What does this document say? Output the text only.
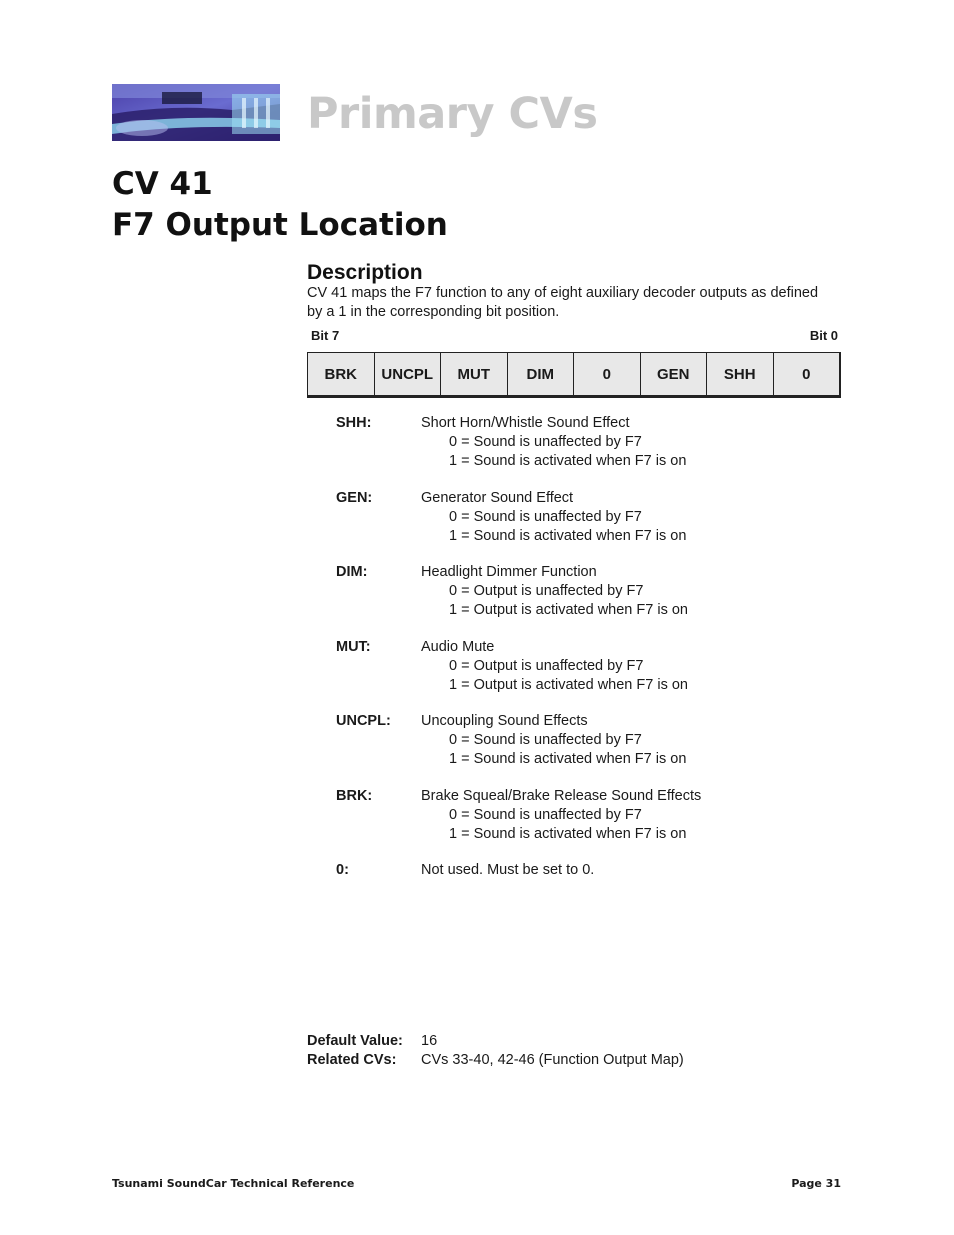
Primary CVs
CV 41
F7 Output Location
Description
CV 41 maps the F7 function to any of eight auxiliary decoder outputs as defined by a 1 in the corresponding bit position.
Bit 7	Bit 0
BRK	UNCPL	MUT	DIM	0	GEN	SHH	0
SHH:	Short Horn/Whistle Sound Effect
0 = Sound is unaffected by F7
1 = Sound is activated when F7 is on
GEN:	Generator Sound Effect
0 = Sound is unaffected by F7
1 = Sound is activated when F7 is on
DIM:	Headlight Dimmer Function
0 = Output is unaffected by F7
1 = Output is activated when F7 is on
MUT:	Audio Mute
0 = Output is unaffected by F7
1 = Output is activated when F7 is on
UNCPL: Uncoupling Sound Effects
0 = Sound is unaffected by F7
1 = Sound is activated when F7 is on
BRK:	Brake Squeal/Brake Release Sound Effects
0 = Sound is unaffected by F7
1 = Sound is activated when F7 is on
0:	Not used. Must be set to 0.
Default Value: 16
Related CVs: CVs 33-40, 42-46 (Function Output Map)
Tsunami SoundCar Technical Reference	Page 31
